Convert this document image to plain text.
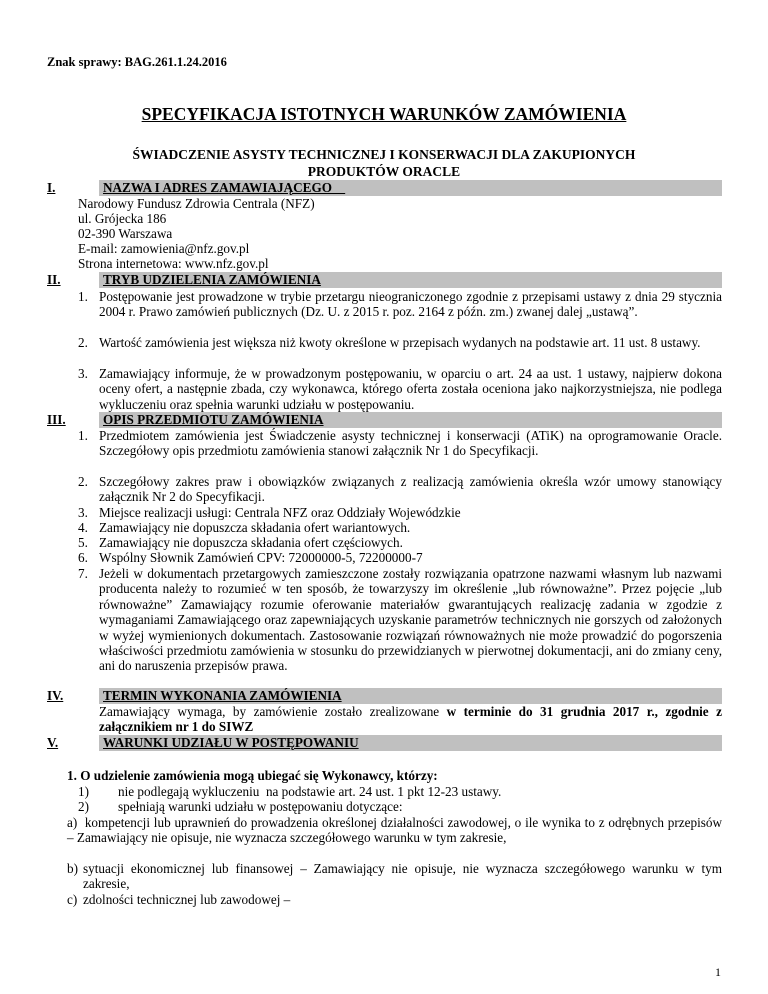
Znak sprawy: BAG.261.1.24.2016
SPECYFIKACJA ISTOTNYCH WARUNKÓW ZAMÓWIENIA
ŚWIADCZENIE ASYSTY TECHNICZNEJ I KONSERWACJI DLA ZAKUPIONYCH
PRODUKTÓW ORACLE
I.	NAZWA I ADRES ZAMAWIAJĄCEGO
Narodowy Fundusz Zdrowia Centrala (NFZ)
ul. Grójecka 186
02-390 Warszawa
E-mail: zamowienia@nfz.gov.pl
Strona internetowa: www.nfz.gov.pl
II.	TRYB UDZIELENIA ZAMÓWIENIA
1. Postępowanie jest prowadzone w trybie przetargu nieograniczonego zgodnie z przepisami ustawy z dnia 29 stycznia 2004 r. Prawo zamówień publicznych (Dz. U. z 2015 r. poz. 2164 z późn. zm.) zwanej dalej „ustawą”.
2. Wartość zamówienia jest większa niż kwoty określone w przepisach wydanych na podstawie art. 11 ust. 8 ustawy.
3. Zamawiający informuje, że w prowadzonym postępowaniu, w oparciu o art. 24 aa ust. 1 ustawy, najpierw dokona oceny ofert, a następnie zbada, czy wykonawca, którego oferta została oceniona jako najkorzystniejsza, nie podlega wykluczeniu oraz spełnia warunki udziału w postępowaniu.
III.	OPIS PRZEDMIOTU ZAMÓWIENIA
1. Przedmiotem zamówienia jest Świadczenie asysty technicznej i konserwacji (ATiK) na oprogramowanie Oracle. Szczegółowy opis przedmiotu zamówienia stanowi załącznik Nr 1 do Specyfikacji.
2. Szczegółowy zakres praw i obowiązków związanych z realizacją zamówienia określa wzór umowy stanowiący załącznik Nr 2 do Specyfikacji.
3. Miejsce realizacji usługi: Centrala NFZ oraz Oddziały Wojewódzkie
4. Zamawiający nie dopuszcza składania ofert wariantowych.
5. Zamawiający nie dopuszcza składania ofert częściowych.
6. Wspólny Słownik Zamówień CPV: 72000000-5, 72200000-7
7. Jeżeli w dokumentach przetargowych zamieszczone zostały rozwiązania opatrzone nazwami własnym lub nazwami producenta należy to rozumieć w ten sposób, że towarzyszy im określenie „lub równoważne”. Przez pojęcie „lub równoważne” Zamawiający rozumie oferowanie materiałów gwarantujących realizację zadania w zgodzie z wymaganiami Zamawiającego oraz zapewniających uzyskanie parametrów technicznych nie gorszych od założonych w wyżej wymienionych dokumentach. Zastosowanie rozwiązań równoważnych nie może prowadzić do pogorszenia właściwości przedmiotu zamówienia w stosunku do przewidzianych w pierwotnej dokumentacji, ani do zmiany ceny, ani do naruszenia przepisów prawa.
IV.	TERMIN WYKONANIA ZAMÓWIENIA
Zamawiający wymaga, by zamówienie zostało zrealizowane w terminie do 31 grudnia 2017 r., zgodnie z załącznikiem nr 1 do SIWZ
V.	WARUNKI UDZIAŁU W POSTĘPOWANIU
1. O udzielenie zamówienia mogą ubiegać się Wykonawcy, którzy:
1) nie podlegają wykluczeniu  na podstawie art. 24 ust. 1 pkt 12-23 ustawy.
2) spełniają warunki udziału w postępowaniu dotyczące:
a)  kompetencji lub uprawnień do prowadzenia określonej działalności zawodowej, o ile wynika to z odrębnych przepisów – Zamawiający nie opisuje, nie wyznacza szczegółowego warunku w tym zakresie,
b) sytuacji ekonomicznej lub finansowej – Zamawiający nie opisuje, nie wyznacza szczegółowego warunku w tym zakresie,
c) zdolności technicznej lub zawodowej –
1
